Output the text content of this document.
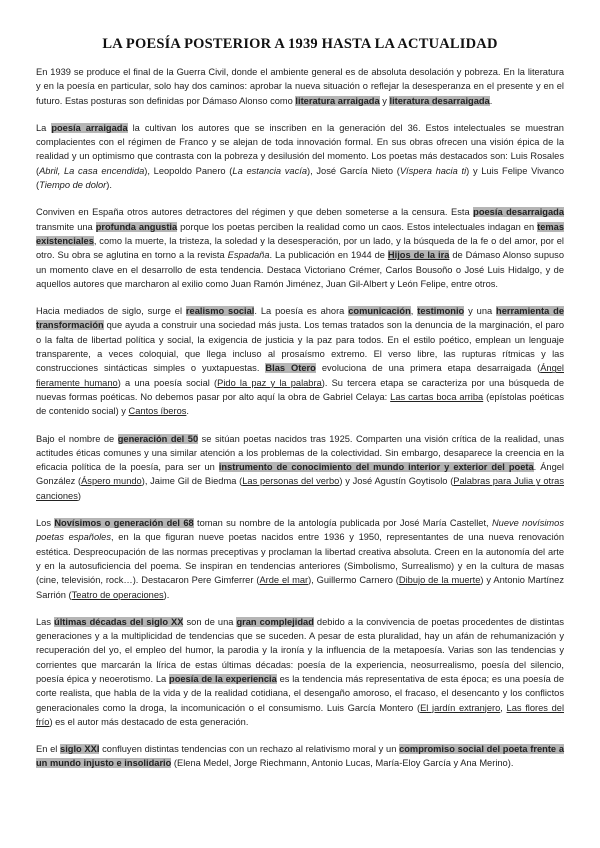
LA POESÍA POSTERIOR A 1939 HASTA LA ACTUALIDAD

En 1939 se produce el final de la Guerra Civil, donde el ambiente general es de absoluta desolación y pobreza. En la literatura y en la poesía en particular, solo hay dos caminos: aprobar la nueva situación o reflejar la desesperanza en el presente y en el futuro. Estas posturas son definidas por Dámaso Alonso como literatura arraigada y literatura desarraigada.

La poesía arraigada la cultivan los autores que se inscriben en la generación del 36. Estos intelectuales se muestran complacientes con el régimen de Franco y se alejan de toda innovación formal. En sus obras ofrecen una visión épica de la realidad y un optimismo que contrasta con la pobreza y desilusión del momento. Los poetas más destacados son: Luis Rosales (Abril, La casa encendida), Leopoldo Panero (La estancia vacía), José García Nieto (Víspera hacia ti) y Luis Felipe Vivanco (Tiempo de dolor).

Conviven en España otros autores detractores del régimen y que deben someterse a la censura. Esta poesía desarraigada transmite una profunda angustia porque los poetas perciben la realidad como un caos. Estos intelectuales indagan en temas existenciales, como la muerte, la tristeza, la soledad y la desesperación, por un lado, y la búsqueda de la fe o del amor, por el otro. Su obra se aglutina en torno a la revista Espadaña. La publicación en 1944 de Hijos de la ira de Dámaso Alonso supuso un momento clave en el desarrollo de esta tendencia. Destaca Victoriano Crémer, Carlos Bousoño o José Luis Hidalgo, y de aquellos autores que marcharon al exilio como Juan Ramón Jiménez, Juan Gil-Albert y León Felipe, entre otros.

Hacia mediados de siglo, surge el realismo social. La poesía es ahora comunicación, testimonio y una herramienta de transformación que ayuda a construir una sociedad más justa. Los temas tratados son la denuncia de la marginación, el paro o la falta de libertad política y social, la exigencia de justicia y la paz para todos. En el estilo poético, emplean un lenguaje transparente, a veces coloquial, que llega incluso al prosaísmo extremo. El verso libre, las rupturas rítmicas y las construcciones sintácticas simples o yuxtapuestas. Blas Otero evoluciona de una primera etapa desarraigada (Ángel fieramente humano) a una poesía social (Pido la paz y la palabra). Su tercera etapa se caracteriza por una búsqueda de nuevas formas poéticas. No debemos pasar por alto aquí la obra de Gabriel Celaya: Las cartas boca arriba (epístolas poéticas de contenido social) y Cantos íberos.

Bajo el nombre de generación del 50 se sitúan poetas nacidos tras 1925. Comparten una visión crítica de la realidad, unas actitudes éticas comunes y una similar atención a los problemas de la colectividad. Sin embargo, desaparece la creencia en la eficacia política de la poesía, para ser un instrumento de conocimiento del mundo interior y exterior del poeta. Ángel González (Áspero mundo), Jaime Gil de Biedma (Las personas del verbo) y José Agustín Goytisolo (Palabras para Julia y otras canciones)

Los Novísimos o generación del 68 toman su nombre de la antología publicada por José María Castellet, Nueve novísimos poetas españoles, en la que figuran nueve poetas nacidos entre 1936 y 1950, representantes de una nueva renovación estética. Despreocupación de las normas preceptivas y proclaman la libertad creativa absoluta. Creen en la autonomía del arte y en la autosuficiencia del poema. Se inspiran en tendencias anteriores (Simbolismo, Surrealismo) y en la cultura de masas (cine, televisión, rock…). Destacaron Pere Gimferrer (Arde el mar), Guillermo Carnero (Dibujo de la muerte) y Antonio Martínez Sarrión (Teatro de operaciones).

Las últimas décadas del siglo XX son de una gran complejidad debido a la convivencia de poetas procedentes de distintas generaciones y a la multiplicidad de tendencias que se suceden. A pesar de esta pluralidad, hay un afán de rehumanización y recuperación del yo, el empleo del humor, la parodia y la ironía y la influencia de la metapoesía. Varias son las tendencias y corrientes que marcarán la lírica de estas últimas décadas: poesía de la experiencia, neosurrealismo, poesía del silencio, poesía épica y neoerotismo. La poesía de la experiencia es la tendencia más representativa de esta época; es una poesía de corte realista, que habla de la vida y de la realidad cotidiana, el desengaño amoroso, el fracaso, el desencanto y los conflictos generacionales como la droga, la incomunicación o el consumismo. Luis García Montero (El jardín extranjero, Las flores del frío) es el autor más destacado de esta generación.

En el siglo XXI confluyen distintas tendencias con un rechazo al relativismo moral y un compromiso social del poeta frente a un mundo injusto e insolidario (Elena Medel, Jorge Riechmann, Antonio Lucas, María-Eloy García y Ana Merino).
